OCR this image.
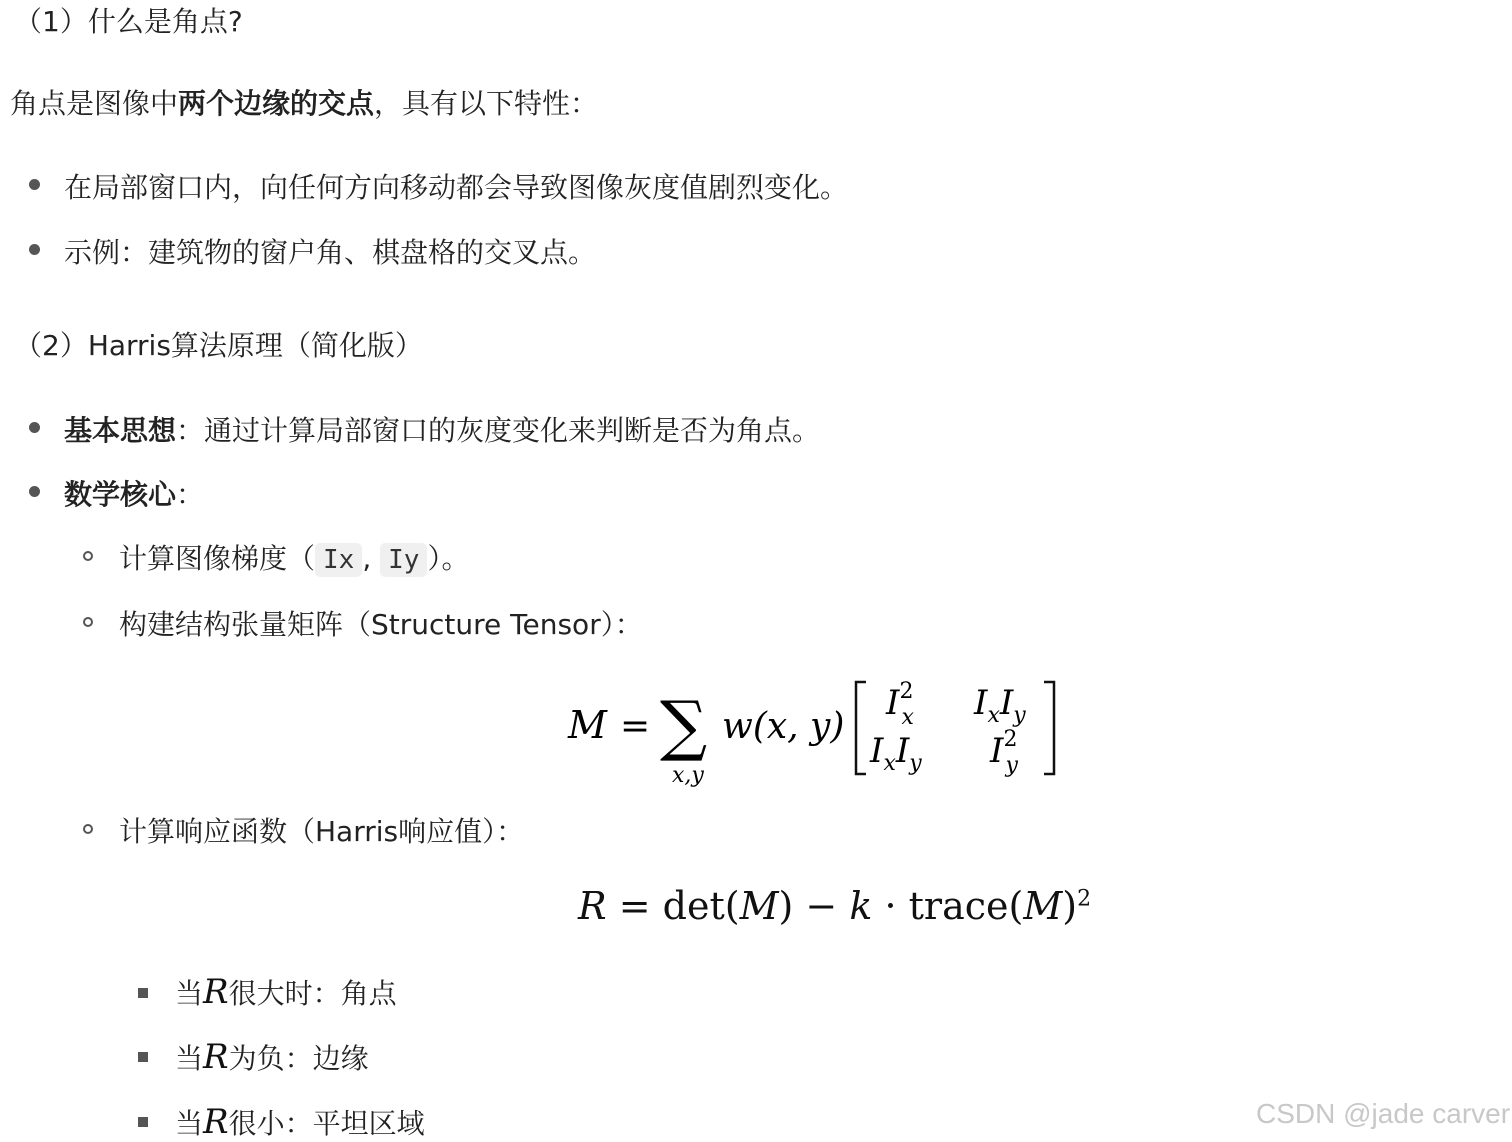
（1）什么是角点?
角点是图像中两个边缘的交点，具有以下特性：
在局部窗口内，向任何方向移动都会导致图像灰度值剧烈变化。
示例：建筑物的窗户角、棋盘格的交叉点。
（2）Harris算法原理（简化版）
基本思想：通过计算局部窗口的灰度变化来判断是否为角点。
数学核心：
计算图像梯度（ Ix , Iy ）。
构建结构张量矩阵（Structure Tensor）：
M = ∑
x,y
w(x, y)
$I^2$ x $I_xI_y$
$I_xI_y$ $I^2$ y
计算响应函数（Harris响应值）：
$R = \det(M) - k \cdot trace(M)^2$
当R很大时：角点
当R为负：边缘
当R很小：平坦区域	CSDN @jade carver
